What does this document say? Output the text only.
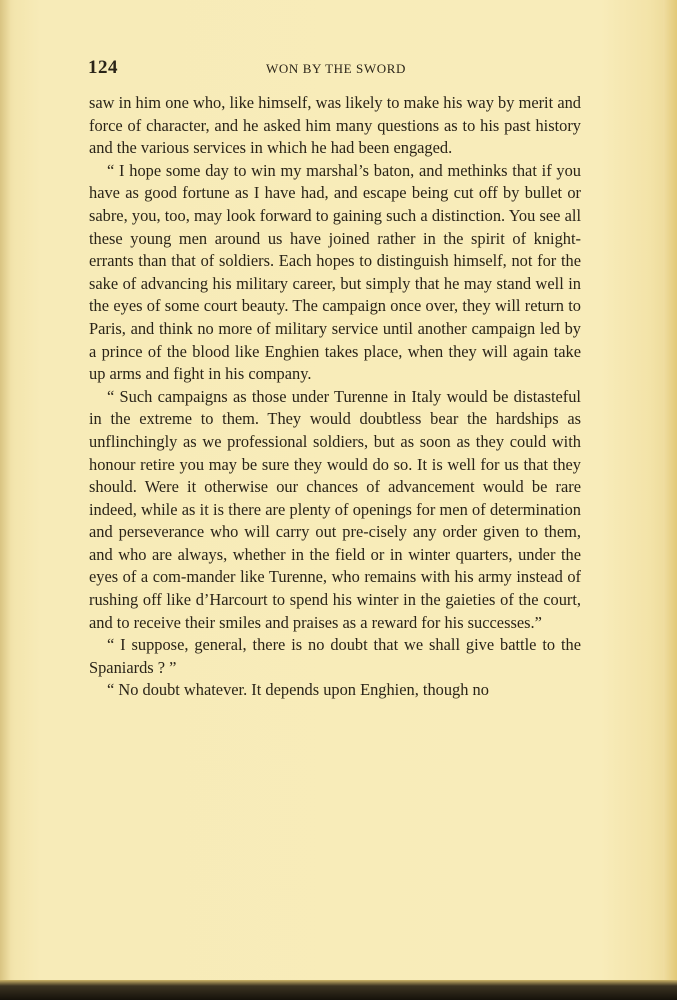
124	WON BY THE SWORD

saw in him one who, like himself, was likely to make his way by merit and force of character, and he asked him many questions as to his past history and the various services in which he had been engaged.

“ I hope some day to win my marshal’s baton, and methinks that if you have as good fortune as I have had, and escape being cut off by bullet or sabre, you, too, may look forward to gaining such a distinction. You see all these young men around us have joined rather in the spirit of knight-errants than that of soldiers. Each hopes to distinguish himself, not for the sake of advancing his military career, but simply that he may stand well in the eyes of some court beauty. The campaign once over, they will return to Paris, and think no more of military service until another campaign led by a prince of the blood like Enghien takes place, when they will again take up arms and fight in his company.

“ Such campaigns as those under Turenne in Italy would be distasteful in the extreme to them. They would doubtless bear the hardships as unflinchingly as we professional soldiers, but as soon as they could with honour retire you may be sure they would do so. It is well for us that they should. Were it otherwise our chances of advancement would be rare indeed, while as it is there are plenty of openings for men of determination and perseverance who will carry out pre-cisely any order given to them, and who are always, whether in the field or in winter quarters, under the eyes of a com-mander like Turenne, who remains with his army instead of rushing off like d’Harcourt to spend his winter in the gaieties of the court, and to receive their smiles and praises as a reward for his successes.”

“ I suppose, general, there is no doubt that we shall give battle to the Spaniards ? ”

“ No doubt whatever. It depends upon Enghien, though no
